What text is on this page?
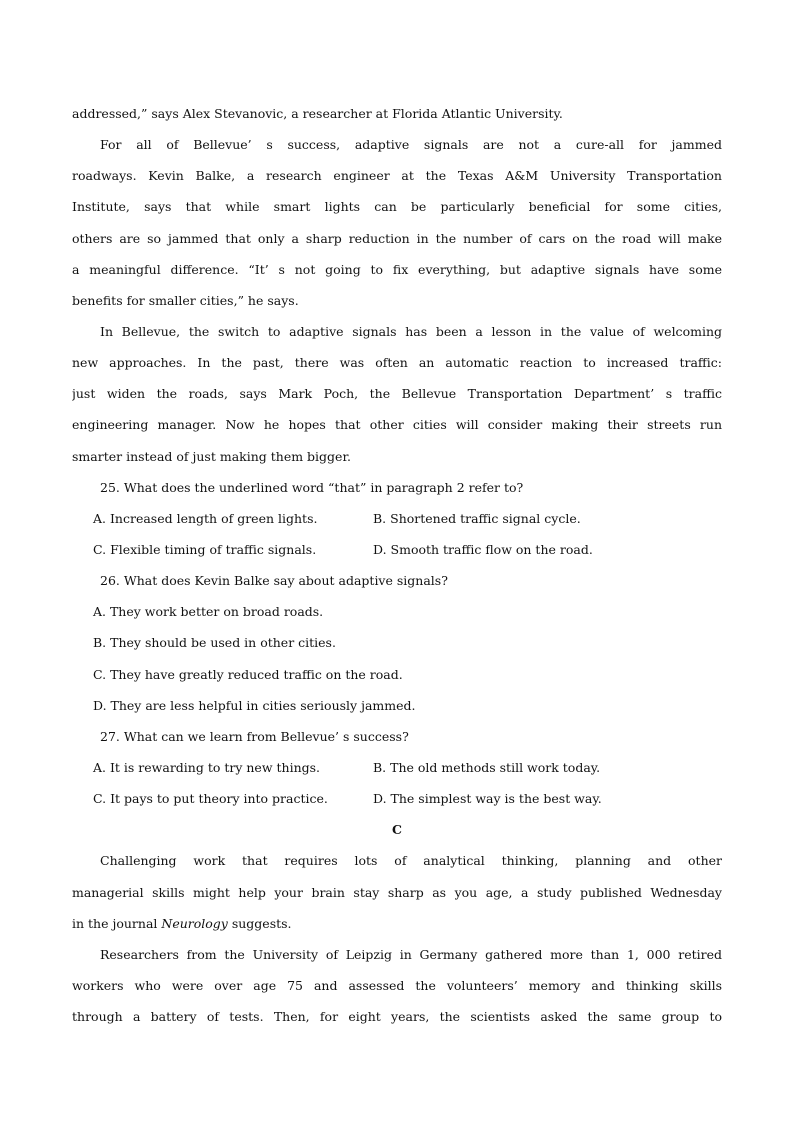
addressed,” says Alex Stevanovic, a researcher at Florida Atlantic University.
For all of Bellevue’ s success, adaptive signals are not a cure-all for jammed
roadways. Kevin Balke, a research engineer at the Texas A&M University Transportation
Institute, says that while smart lights can be particularly beneficial for some cities,
others are so jammed that only a sharp reduction in the number of cars on the road will make
a meaningful difference. “It’ s not going to fix everything, but adaptive signals have some
benefits for smaller cities,” he says.
In Bellevue, the switch to adaptive signals has been a lesson in the value of welcoming
new approaches. In the past, there was often an automatic reaction to increased traffic:
just widen the roads, says Mark Poch, the Bellevue Transportation Department’ s traffic
engineering manager. Now he hopes that other cities will consider making their streets run
smarter instead of just making them bigger.
25. What does the underlined word “that” in paragraph 2 refer to?
A. Increased length of green lights.	B. Shortened traffic signal cycle.
C. Flexible timing of traffic signals.	D. Smooth traffic flow on the road.
26. What does Kevin Balke say about adaptive signals?
A. They work better on broad roads.
B. They should be used in other cities.
C. They have greatly reduced traffic on the road.
D. They are less helpful in cities seriously jammed.
27. What can we learn from Bellevue’ s success?
A. It is rewarding to try new things.	B. The old methods still work today.
C. It pays to put theory into practice.	D. The simplest way is the best way.
C
Challenging work that requires lots of analytical thinking, planning and other
managerial skills might help your brain stay sharp as you age, a study published Wednesday
in the journal Neurology suggests.
Researchers from the University of Leipzig in Germany gathered more than 1, 000 retired
workers who were over age 75 and assessed the volunteers’ memory and thinking skills
through a battery of tests. Then, for eight years, the scientists asked the same group to
